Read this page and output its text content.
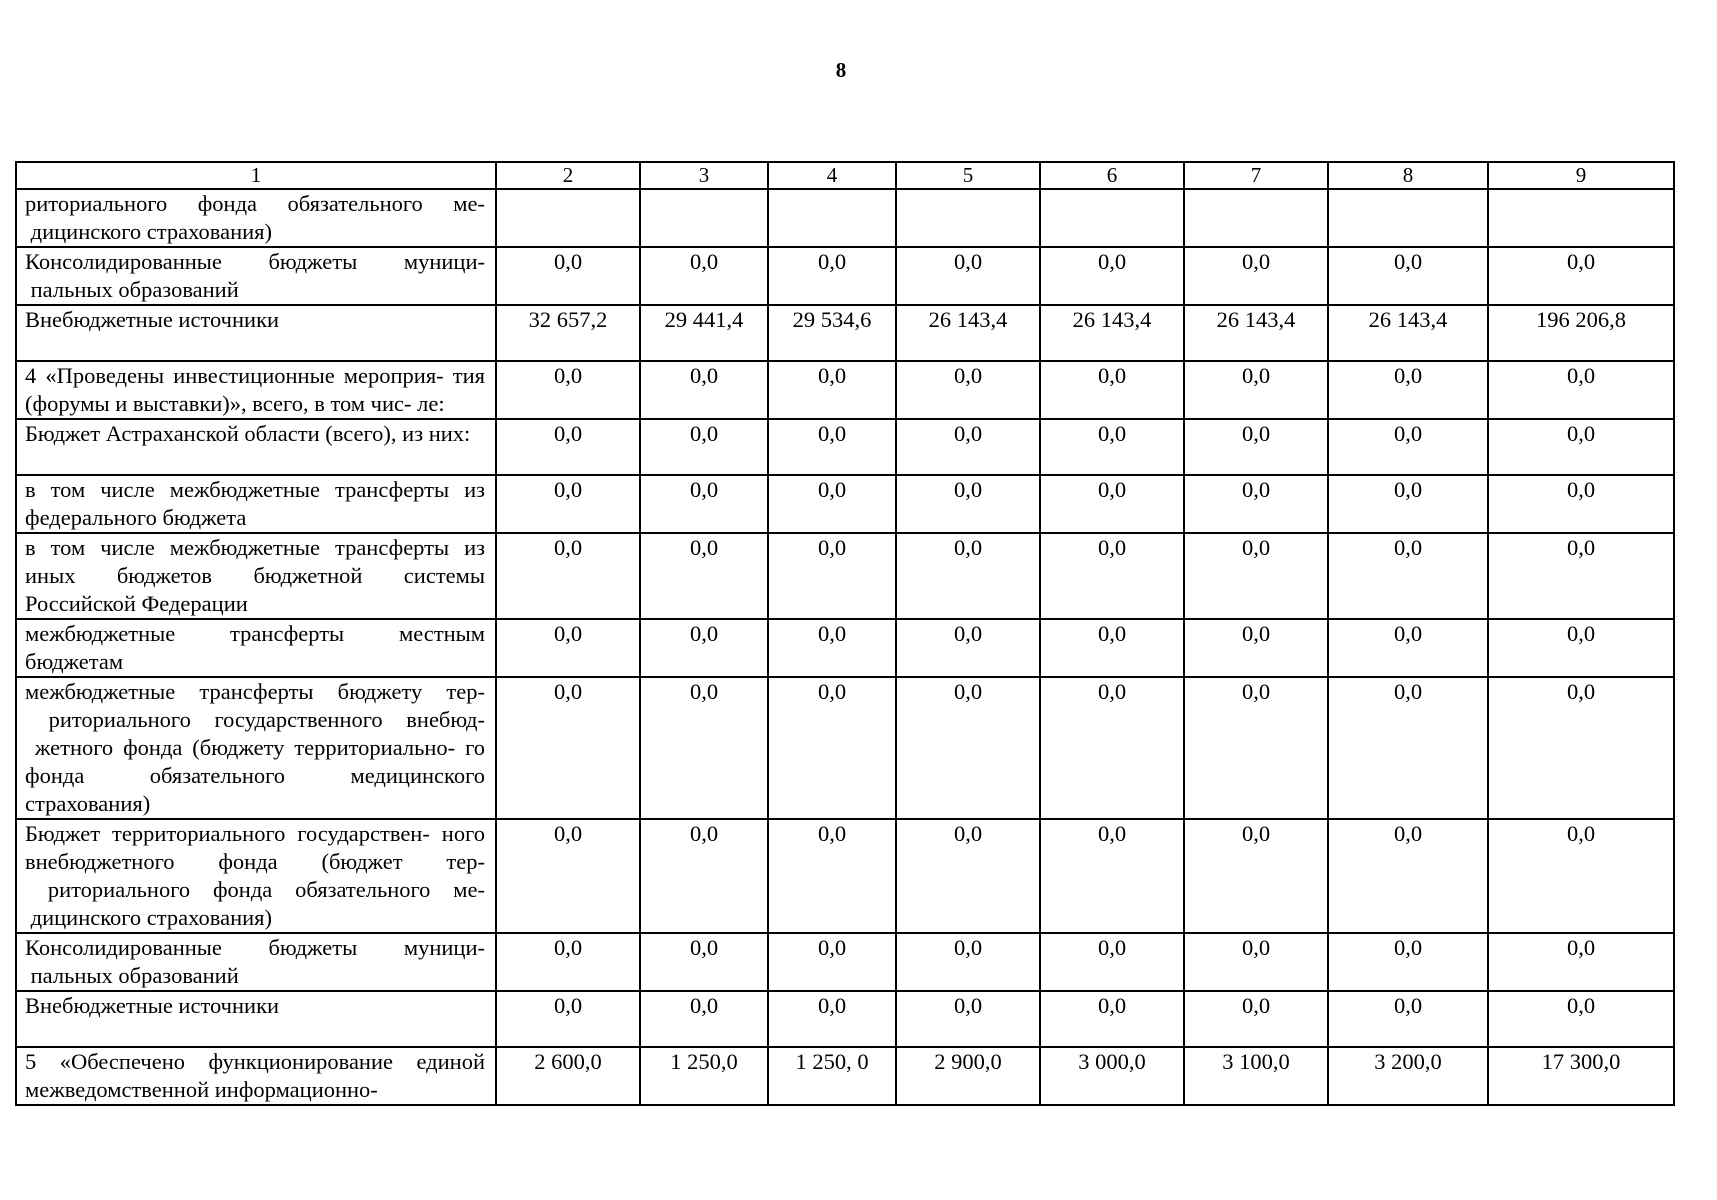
8
1	2	3	4	5	6	7	8	9
риториального фонда обязательного ме- дицинского страхования)								
Консолидированные бюджеты муници- пальных образований	0,0	0,0	0,0	0,0	0,0	0,0	0,0	0,0
Внебюджетные источники	32 657,2	29 441,4	29 534,6	26 143,4	26 143,4	26 143,4	26 143,4	196 206,8
4 «Проведены инвестиционные мероприя- тия (форумы и выставки)», всего, в том чис- ле:	0,0	0,0	0,0	0,0	0,0	0,0	0,0	0,0
Бюджет Астраханской области (всего), из них:	0,0	0,0	0,0	0,0	0,0	0,0	0,0	0,0
в том числе межбюджетные трансферты из федерального бюджета	0,0	0,0	0,0	0,0	0,0	0,0	0,0	0,0
в том числе межбюджетные трансферты из иных бюджетов бюджетной системы Российской Федерации	0,0	0,0	0,0	0,0	0,0	0,0	0,0	0,0
межбюджетные трансферты местным бюджетам	0,0	0,0	0,0	0,0	0,0	0,0	0,0	0,0
межбюджетные трансферты бюджету тер- риториального государственного внебюд- жетного фонда (бюджету территориально- го фонда обязательного медицинского страхования)	0,0	0,0	0,0	0,0	0,0	0,0	0,0	0,0
Бюджет территориального государствен- ного внебюджетного фонда (бюджет тер- риториального фонда обязательного ме- дицинского страхования)	0,0	0,0	0,0	0,0	0,0	0,0	0,0	0,0
Консолидированные бюджеты муници- пальных образований	0,0	0,0	0,0	0,0	0,0	0,0	0,0	0,0
Внебюджетные источники	0,0	0,0	0,0	0,0	0,0	0,0	0,0	0,0
5 «Обеспечено функционирование единой межведомственной информационно-	2 600,0	1 250,0	1 250, 0	2 900,0	3 000,0	3 100,0	3 200,0	17 300,0
